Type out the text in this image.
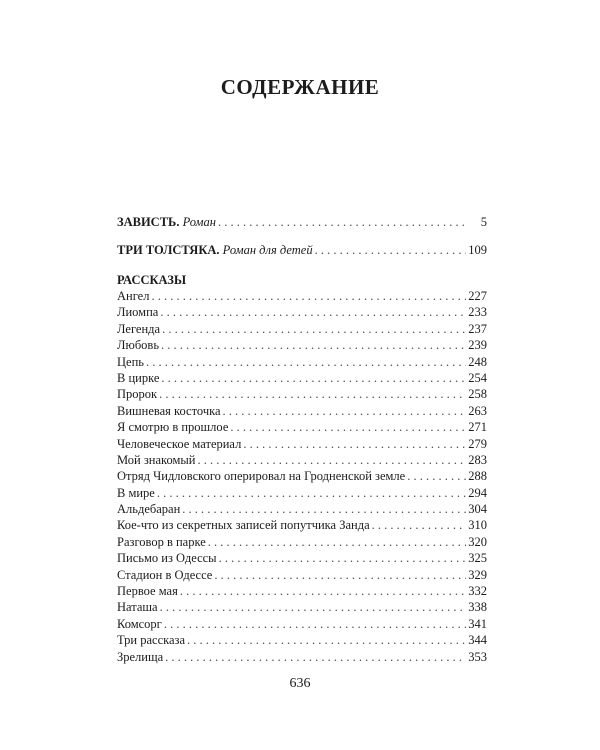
СОДЕРЖАНИЕ
ЗАВИСТЬ. Роман . . .	5
ТРИ ТОЛСТЯКА. Роман для детей . . .	109
РАССКАЗЫ
Ангел . . .	227
Лиомпа . . .	233
Легенда . . .	237
Любовь . . .	239
Цепь . . .	248
В цирке . . .	254
Пророк . . .	258
Вишневая косточка . . .	263
Я смотрю в прошлое . . .	271
Человеческое материал . . .	279
Мой знакомый . . .	283
Отряд Чидловского оперировал на Гродненской земле . . .	288
В мире . . .	294
Альдебаран . . .	304
Кое-что из секретных записей попутчика Занда . . .	310
Разговор в парке . . .	320
Письмо из Одессы . . .	325
Стадион в Одессе . . .	329
Первое мая . . .	332
Наташа . . .	338
Комсорг . . .	341
Три рассказа . . .	344
Зрелища . . .	353
636
